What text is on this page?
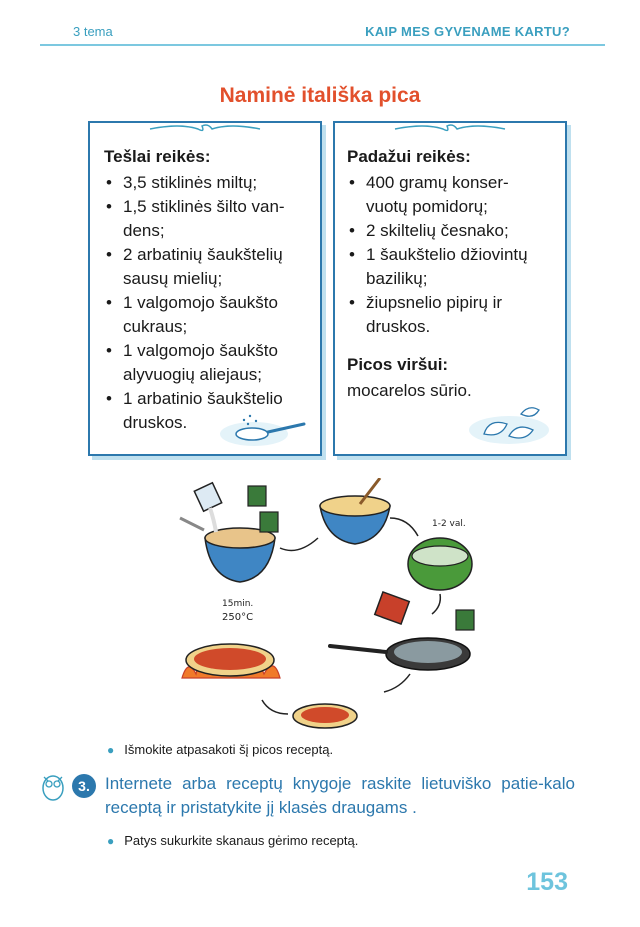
3 tema	KAIP MES GYVENAME KARTU?
Naminė itališka pica
Tešlai reikės:
• 3,5 stiklinės miltų;
• 1,5 stiklinės šilto van-
dens;
• 2 arbatinių šaukštelių
sausų mielių;
• 1 valgomojo šaukšto
cukraus;
• 1 valgomojo šaukšto
alyvuogių aliejaus;
• 1 arbatinio šaukštelio
druskos.
Padažui reikės:
• 400 gramų konser-
vuotų pomidorų;
• 2 skiltelių česnako;
• 1 šaukštelio džiovintų
bazilikų;
• žiupsnelio pipirų ir
druskos.
Picos viršui:
mocarelos sūrio.
1-2 val.
15min.
250°C
● Išmokite atpasakoti šį picos receptą.
3. Internete arba receptų knygoje raskite lietuviško patie-kalo receptą ir pristatykite jį klasės draugams .
● Patys sukurkite skanaus gėrimo receptą.
153
